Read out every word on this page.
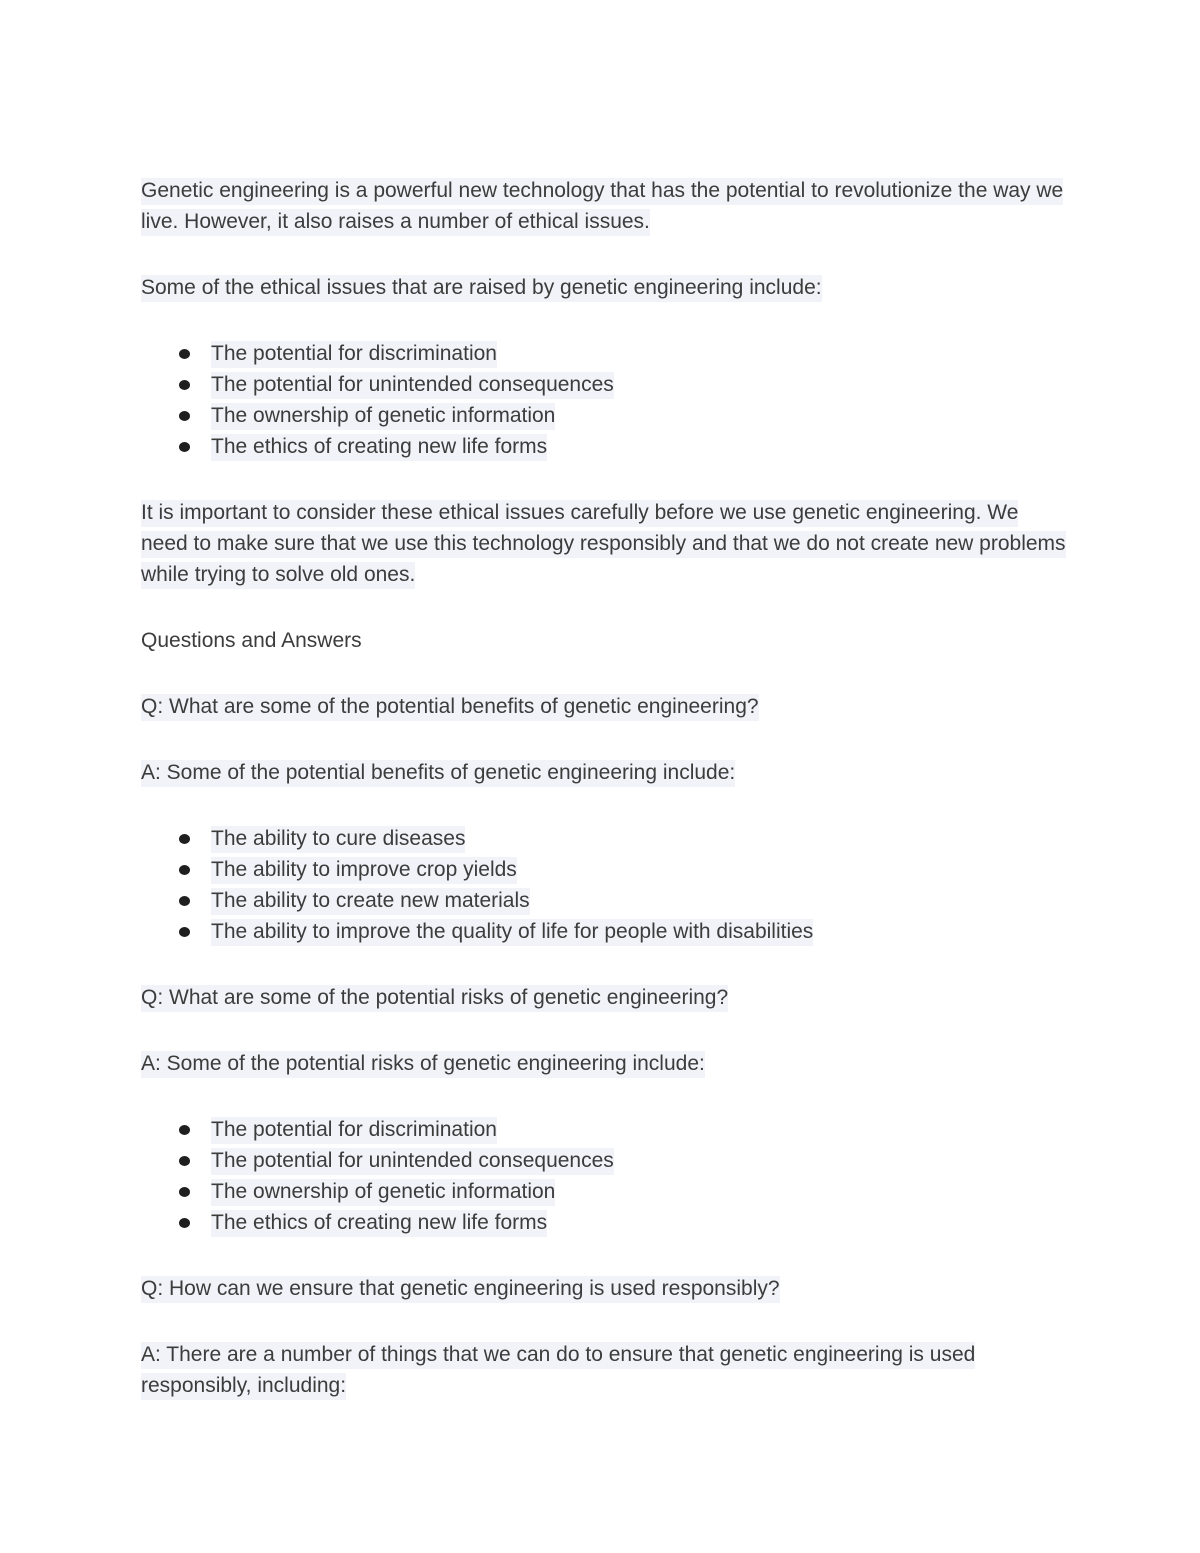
Genetic engineering is a powerful new technology that has the potential to revolutionize the way we live. However, it also raises a number of ethical issues.

Some of the ethical issues that are raised by genetic engineering include:

The potential for discrimination
The potential for unintended consequences
The ownership of genetic information
The ethics of creating new life forms

It is important to consider these ethical issues carefully before we use genetic engineering. We need to make sure that we use this technology responsibly and that we do not create new problems while trying to solve old ones.

Questions and Answers

Q: What are some of the potential benefits of genetic engineering?

A: Some of the potential benefits of genetic engineering include:

The ability to cure diseases
The ability to improve crop yields
The ability to create new materials
The ability to improve the quality of life for people with disabilities

Q: What are some of the potential risks of genetic engineering?

A: Some of the potential risks of genetic engineering include:

The potential for discrimination
The potential for unintended consequences
The ownership of genetic information
The ethics of creating new life forms

Q: How can we ensure that genetic engineering is used responsibly?

A: There are a number of things that we can do to ensure that genetic engineering is used responsibly, including:
